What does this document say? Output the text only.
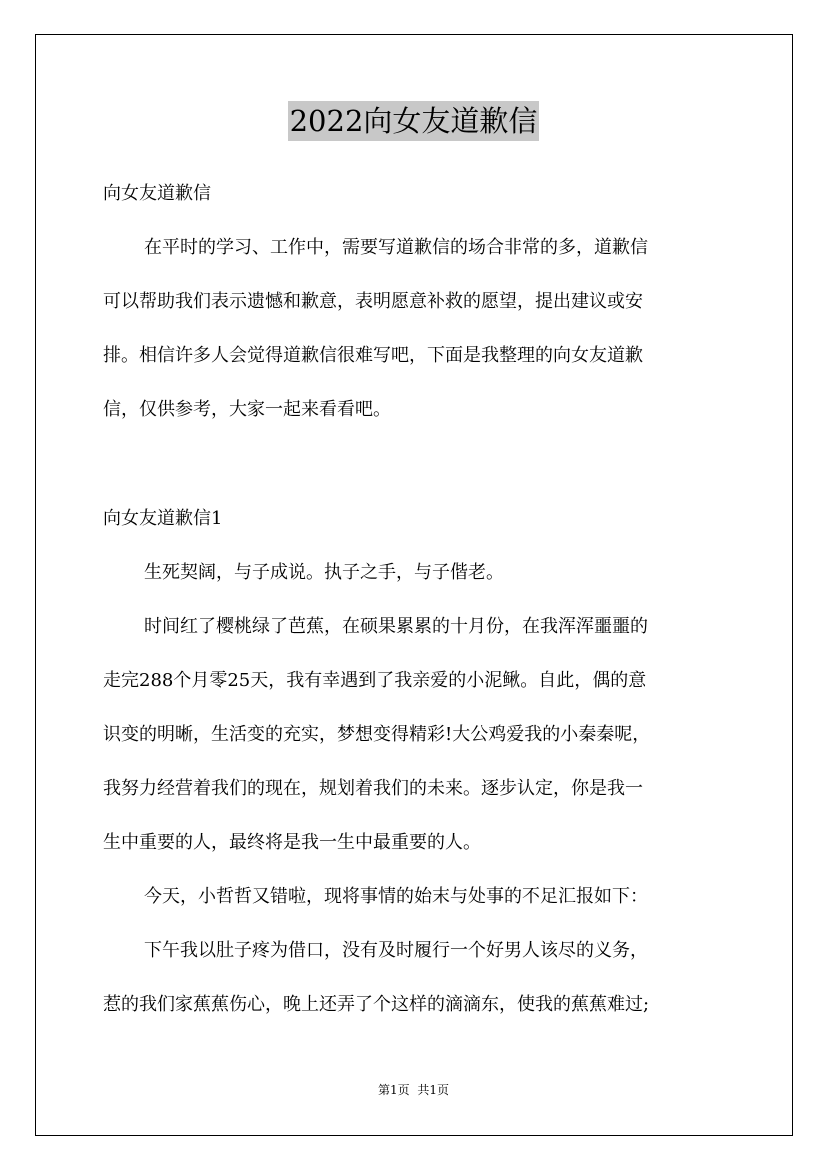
2022向女友道歉信
向女友道歉信
在平时的学习、工作中，需要写道歉信的场合非常的多，道歉信
可以帮助我们表示遗憾和歉意，表明愿意补救的愿望，提出建议或安
排。相信许多人会觉得道歉信很难写吧，下面是我整理的向女友道歉
信，仅供参考，大家一起来看看吧。
向女友道歉信1
生死契阔，与子成说。执子之手，与子偕老。
时间红了樱桃绿了芭蕉，在硕果累累的十月份，在我浑浑噩噩的
走完288个月零25天，我有幸遇到了我亲爱的小泥鳅。自此，偶的意
识变的明晰，生活变的充实，梦想变得精彩!大公鸡爱我的小秦秦呢，
我努力经营着我们的现在，规划着我们的未来。逐步认定，你是我一
生中重要的人，最终将是我一生中最重要的人。
今天，小哲哲又错啦，现将事情的始末与处事的不足汇报如下：
下午我以肚子疼为借口，没有及时履行一个好男人该尽的义务，
惹的我们家蕉蕉伤心，晚上还弄了个这样的滴滴东，使我的蕉蕉难过;
第1页 共1页
